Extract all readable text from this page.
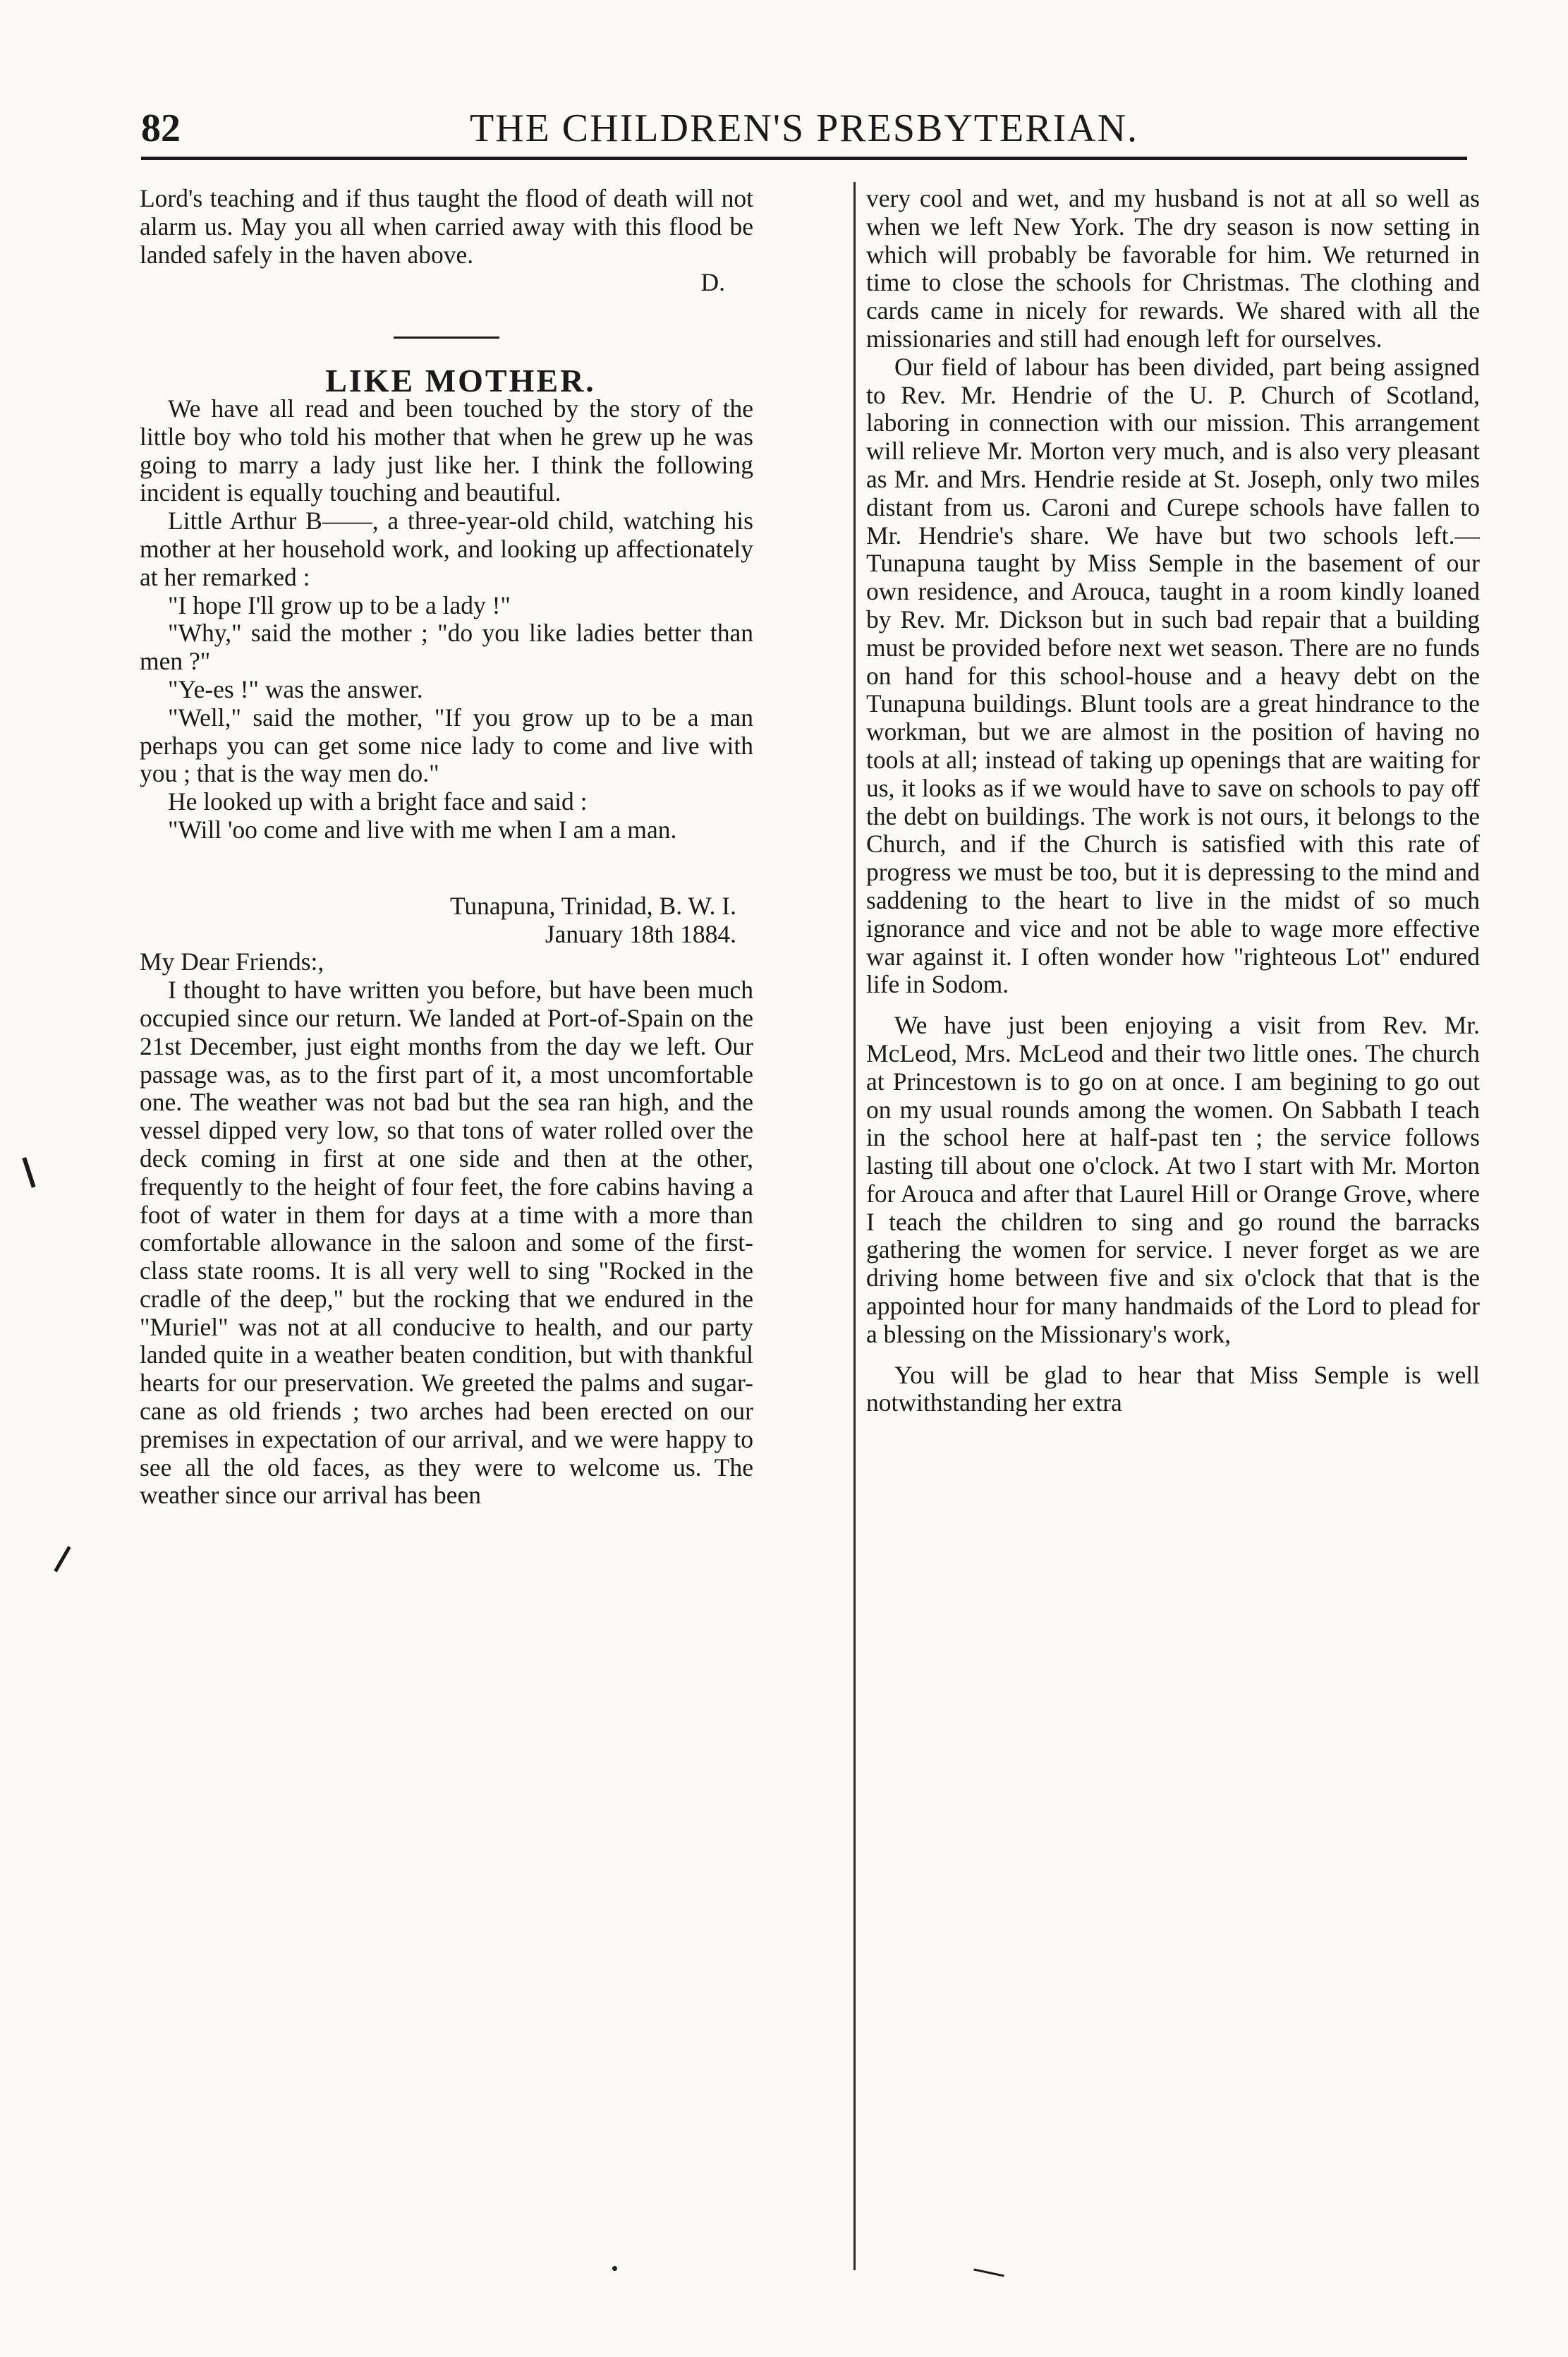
82	THE CHILDREN'S PRESBYTERIAN.

Lord's teaching and if thus taught the flood of death will not alarm us. May you all when carried away with this flood be landed safely in the haven above.

D.

LIKE MOTHER.

We have all read and been touched by the story of the little boy who told his mother that when he grew up he was going to marry a lady just like her. I think the following incident is equally touching and beautiful.

Little Arthur B——, a three-year-old child, watching his mother at her household work, and looking up affectionately at her remarked :

"I hope I'll grow up to be a lady !"

"Why," said the mother ; "do you like ladies better than men ?"

"Ye-es !" was the answer.

"Well," said the mother, "If you grow up to be a man perhaps you can get some nice lady to come and live with you ; that is the way men do."

He looked up with a bright face and said :

"Will 'oo come and live with me when I am a man.

Tunapuna, Trinidad, B. W. I.

January 18th 1884.

My Dear Friends:,

I thought to have written you before, but have been much occupied since our return. We landed at Port-of-Spain on the 21st December, just eight months from the day we left. Our passage was, as to the first part of it, a most uncomfortable one. The weather was not bad but the sea ran high, and the vessel dipped very low, so that tons of water rolled over the deck coming in first at one side and then at the other, frequently to the height of four feet, the fore cabins having a foot of water in them for days at a time with a more than comfortable allowance in the saloon and some of the first-class state rooms. It is all very well to sing "Rocked in the cradle of the deep," but the rocking that we endured in the "Muriel" was not at all conducive to health, and our party landed quite in a weather beaten condition, but with thankful hearts for our preservation. We greeted the palms and sugar-cane as old friends ; two arches had been erected on our premises in expectation of our arrival, and we were happy to see all the old faces, as they were to welcome us. The weather since our arrival has been

very cool and wet, and my husband is not at all so well as when we left New York. The dry season is now setting in which will probably be favorable for him. We returned in time to close the schools for Christmas. The clothing and cards came in nicely for rewards. We shared with all the missionaries and still had enough left for ourselves.

Our field of labour has been divided, part being assigned to Rev. Mr. Hendrie of the U. P. Church of Scotland, laboring in connection with our mission. This arrangement will relieve Mr. Morton very much, and is also very pleasant as Mr. and Mrs. Hendrie reside at St. Joseph, only two miles distant from us. Caroni and Curepe schools have fallen to Mr. Hendrie's share. We have but two schools left.—Tunapuna taught by Miss Semple in the basement of our own residence, and Arouca, taught in a room kindly loaned by Rev. Mr. Dickson but in such bad repair that a building must be provided before next wet season. There are no funds on hand for this school-house and a heavy debt on the Tunapuna buildings. Blunt tools are a great hindrance to the workman, but we are almost in the position of having no tools at all; instead of taking up openings that are waiting for us, it looks as if we would have to save on schools to pay off the debt on buildings. The work is not ours, it belongs to the Church, and if the Church is satisfied with this rate of progress we must be too, but it is depressing to the mind and saddening to the heart to live in the midst of so much ignorance and vice and not be able to wage more effective war against it. I often wonder how "righteous Lot" endured life in Sodom.

We have just been enjoying a visit from Rev. Mr. McLeod, Mrs. McLeod and their two little ones. The church at Princestown is to go on at once. I am begining to go out on my usual rounds among the women. On Sabbath I teach in the school here at half-past ten ; the service follows lasting till about one o'clock. At two I start with Mr. Morton for Arouca and after that Laurel Hill or Orange Grove, where I teach the children to sing and go round the barracks gathering the women for service. I never forget as we are driving home between five and six o'clock that that is the appointed hour for many handmaids of the Lord to plead for a blessing on the Missionary's work,

You will be glad to hear that Miss Semple is well notwithstanding her extra
